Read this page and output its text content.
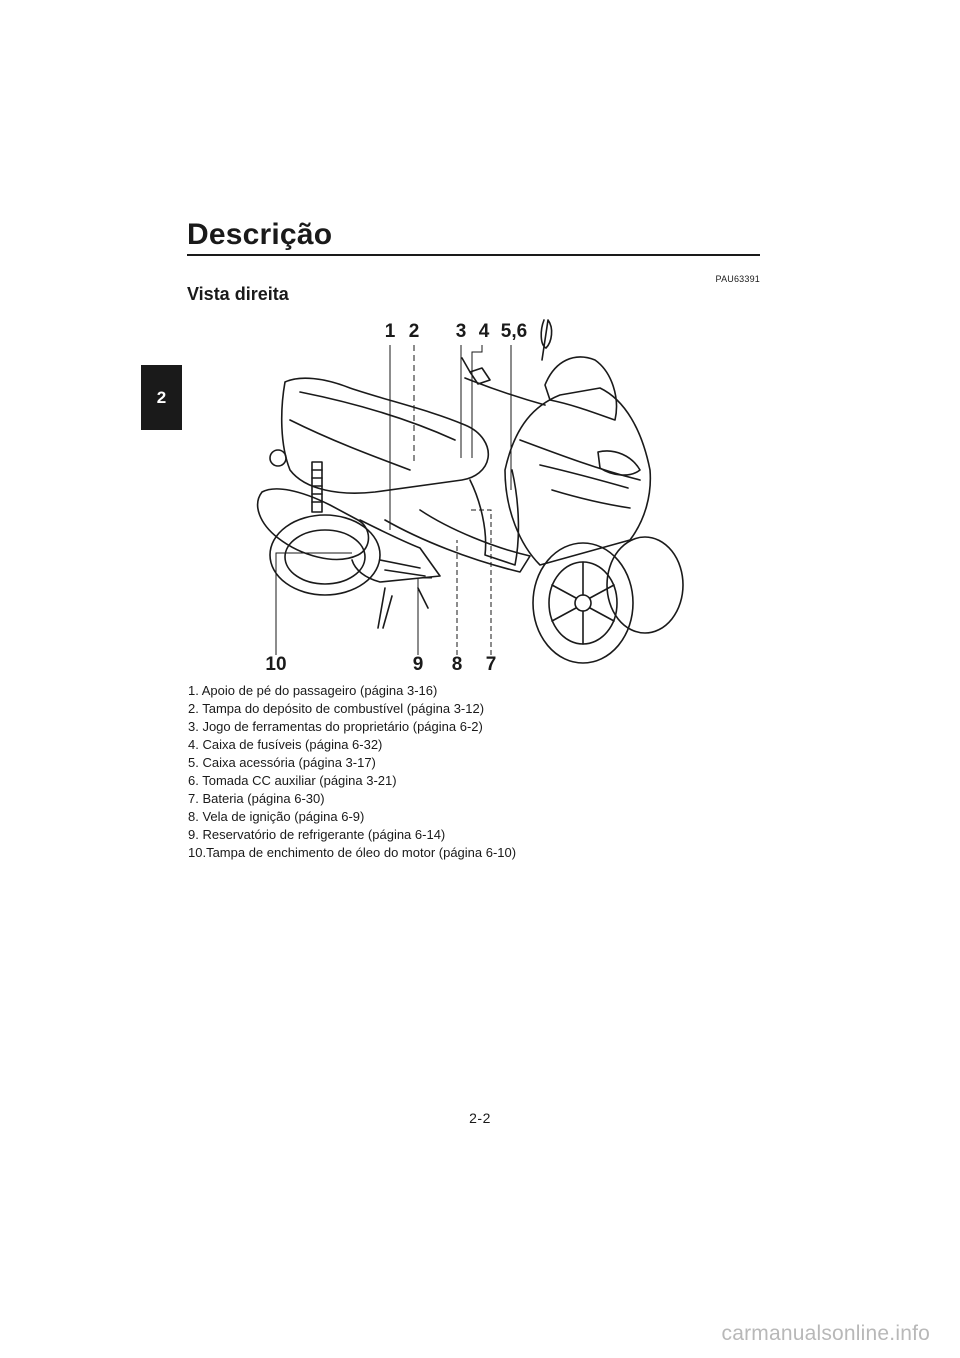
Descrição
2
PAU63391
Vista direita
1 2 3 4 5,6
10	9 8 7
1. Apoio de pé do passageiro (página 3-16)
2. Tampa do depósito de combustível (página 3-12)
3. Jogo de ferramentas do proprietário (página 6-2)
4. Caixa de fusíveis (página 6-32)
5. Caixa acessória (página 3-17)
6. Tomada CC auxiliar (página 3-21)
7. Bateria (página 6-30)
8. Vela de ignição (página 6-9)
9. Reservatório de refrigerante (página 6-14)
10.Tampa de enchimento de óleo do motor (página 6-10)
2-2
carmanualsonline.info
